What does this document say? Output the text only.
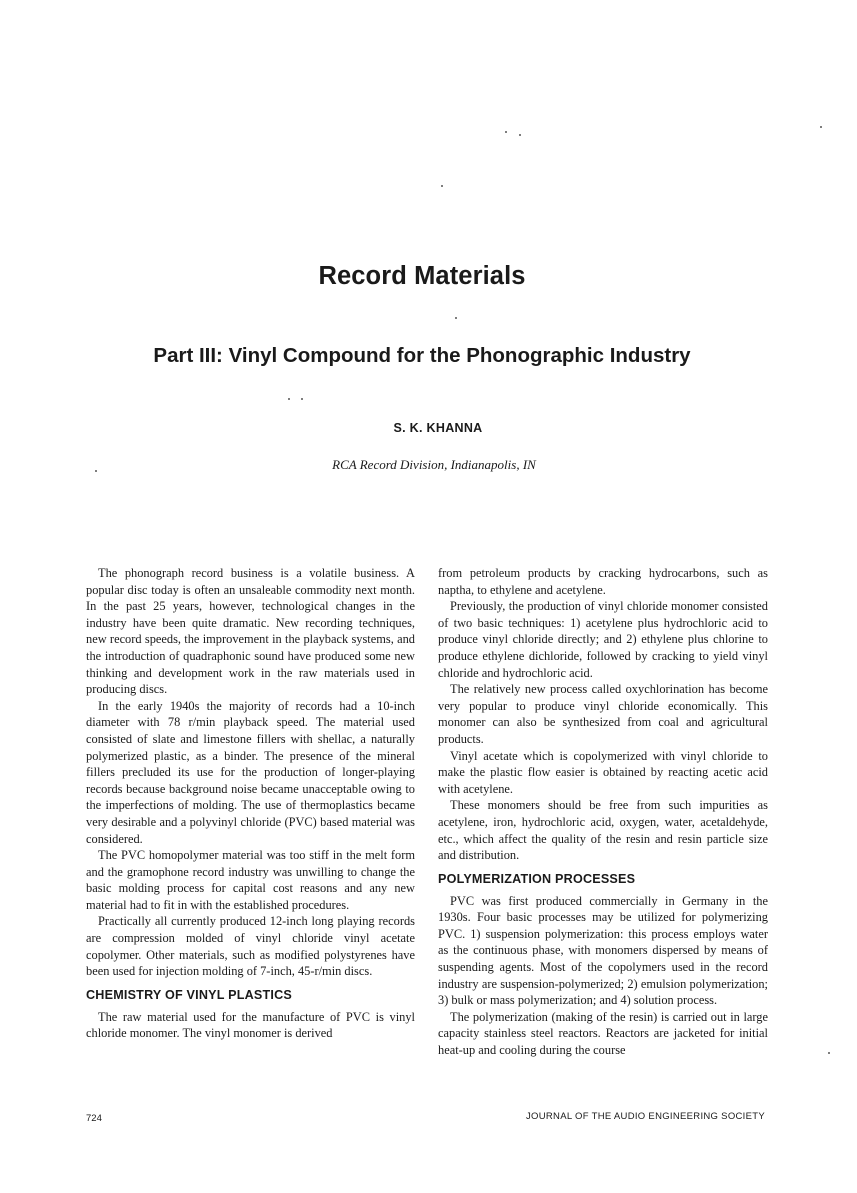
Record Materials
Part III: Vinyl Compound for the Phonographic Industry
S. K. KHANNA
RCA Record Division, Indianapolis, IN

The phonograph record business is a volatile business. A popular disc today is often an unsaleable commodity next month. In the past 25 years, however, technological changes in the industry have been quite dramatic. New recording techniques, new record speeds, the improvement in the playback systems, and the introduction of quadraphonic sound have produced some new thinking and development work in the raw materials used in producing discs.

In the early 1940s the majority of records had a 10-inch diameter with 78 r/min playback speed. The material used consisted of slate and limestone fillers with shellac, a naturally polymerized plastic, as a binder. The presence of the mineral fillers precluded its use for the production of longer-playing records because background noise became unacceptable owing to the imperfections of molding. The use of thermoplastics became very desirable and a polyvinyl chloride (PVC) based material was considered.

The PVC homopolymer material was too stiff in the melt form and the gramophone record industry was unwilling to change the basic molding process for capital cost reasons and any new material had to fit in with the established procedures.

Practically all currently produced 12-inch long playing records are compression molded of vinyl chloride vinyl acetate copolymer. Other materials, such as modified polystyrenes have been used for injection molding of 7-inch, 45-r/min discs.

CHEMISTRY OF VINYL PLASTICS

The raw material used for the manufacture of PVC is vinyl chloride monomer. The vinyl monomer is derived

from petroleum products by cracking hydrocarbons, such as naptha, to ethylene and acetylene.

Previously, the production of vinyl chloride monomer consisted of two basic techniques: 1) acetylene plus hydrochloric acid to produce vinyl chloride directly; and 2) ethylene plus chlorine to produce ethylene dichloride, followed by cracking to yield vinyl chloride and hydrochloric acid.

The relatively new process called oxychlorination has become very popular to produce vinyl chloride economically. This monomer can also be synthesized from coal and agricultural products.

Vinyl acetate which is copolymerized with vinyl chloride to make the plastic flow easier is obtained by reacting acetic acid with acetylene.

These monomers should be free from such impurities as acetylene, iron, hydrochloric acid, oxygen, water, acetaldehyde, etc., which affect the quality of the resin and resin particle size and distribution.

POLYMERIZATION PROCESSES

PVC was first produced commercially in Germany in the 1930s. Four basic processes may be utilized for polymerizing PVC. 1) suspension polymerization: this process employs water as the continuous phase, with monomers dispersed by means of suspending agents. Most of the copolymers used in the record industry are suspension-polymerized; 2) emulsion polymerization; 3) bulk or mass polymerization; and 4) solution process.

The polymerization (making of the resin) is carried out in large capacity stainless steel reactors. Reactors are jacketed for initial heat-up and cooling during the course

724	JOURNAL OF THE AUDIO ENGINEERING SOCIETY
